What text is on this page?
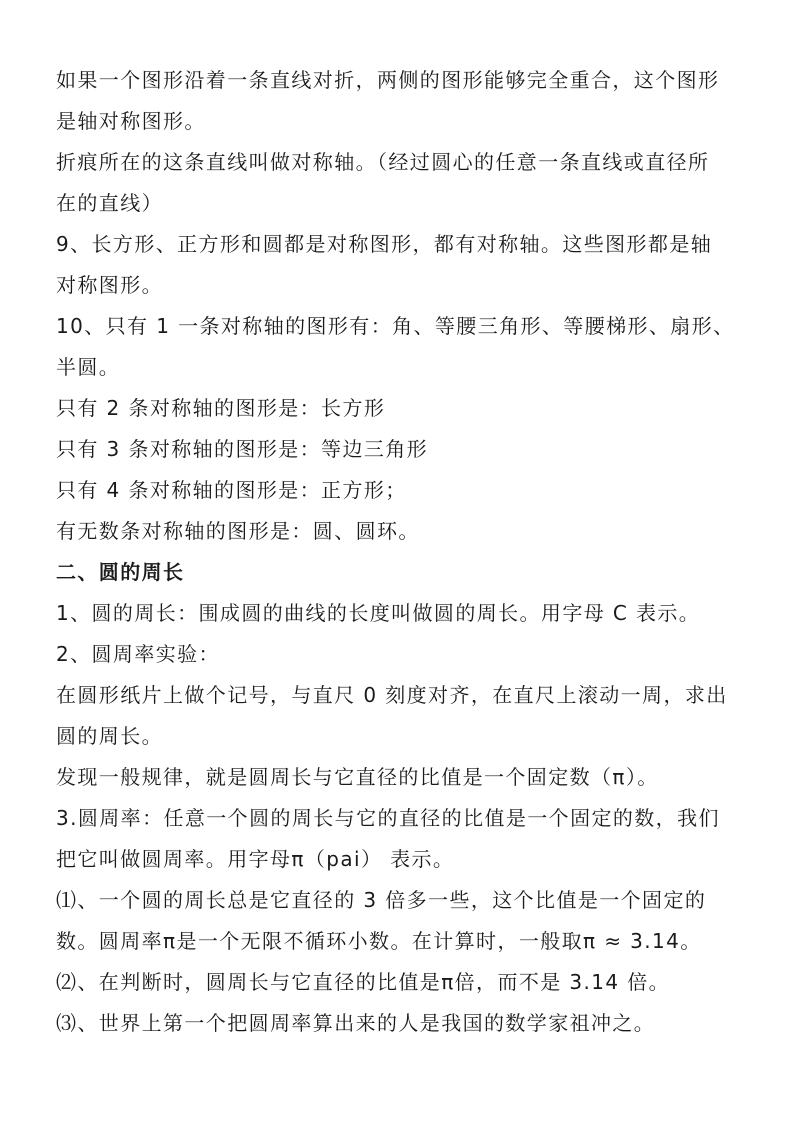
如果一个图形沿着一条直线对折，两侧的图形能够完全重合，这个图形
是轴对称图形。
折痕所在的这条直线叫做对称轴。（经过圆心的任意一条直线或直径所
在的直线）
9、长方形、正方形和圆都是对称图形，都有对称轴。这些图形都是轴
对称图形。
10、只有 1 一条对称轴的图形有：角、等腰三角形、等腰梯形、扇形、
半圆。
只有 2 条对称轴的图形是：长方形
只有 3 条对称轴的图形是：等边三角形
只有 4 条对称轴的图形是：正方形；
有无数条对称轴的图形是：圆、圆环。
二、圆的周长
1、圆的周长：围成圆的曲线的长度叫做圆的周长。用字母 C 表示。
2、圆周率实验：
在圆形纸片上做个记号，与直尺 0 刻度对齐，在直尺上滚动一周，求出
圆的周长。
发现一般规律，就是圆周长与它直径的比值是一个固定数（π）。
3.圆周率：任意一个圆的周长与它的直径的比值是一个固定的数，我们
把它叫做圆周率。用字母π（pai） 表示。
⑴、一个圆的周长总是它直径的 3 倍多一些，这个比值是一个固定的
数。圆周率π是一个无限不循环小数。在计算时，一般取π ≈ 3.14。
⑵、在判断时，圆周长与它直径的比值是π倍，而不是 3.14 倍。
⑶、世界上第一个把圆周率算出来的人是我国的数学家祖冲之。
